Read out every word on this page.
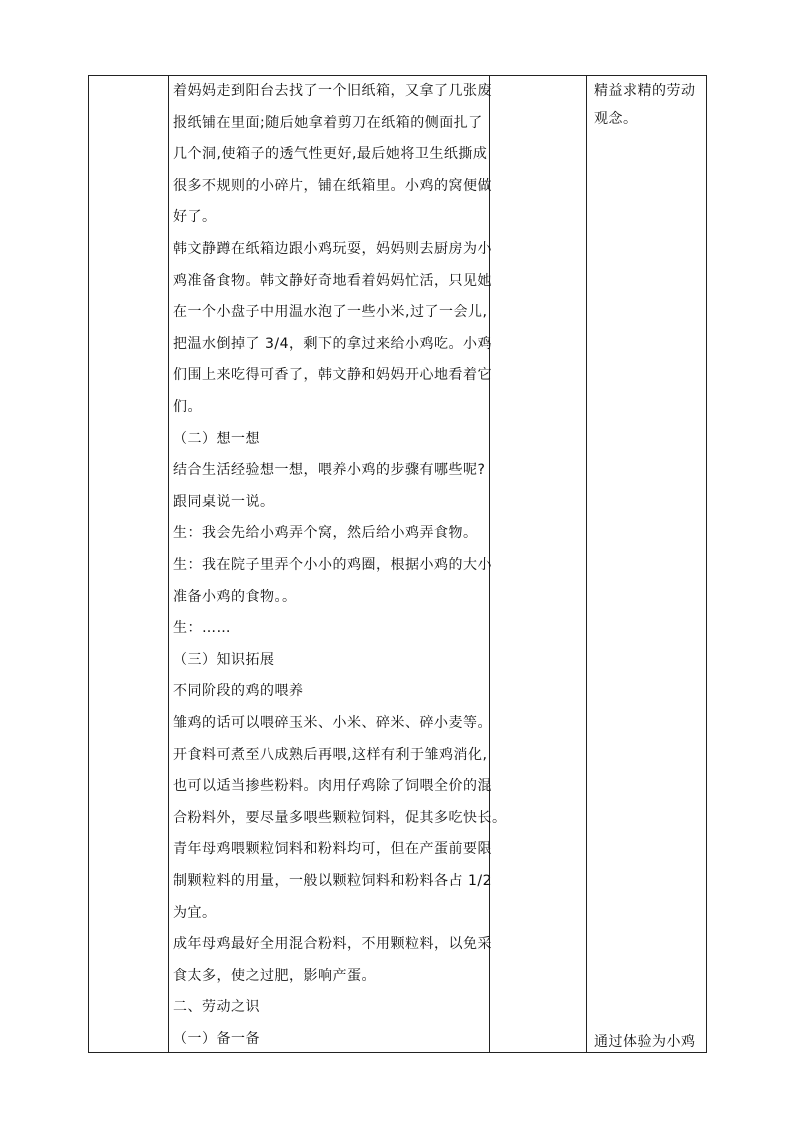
着妈妈走到阳台去找了一个旧纸箱，又拿了几张废
报纸铺在里面;随后她拿着剪刀在纸箱的侧面扎了
几个洞,使箱子的透气性更好,最后她将卫生纸撕成
很多不规则的小碎片，铺在纸箱里。小鸡的窝便做
好了。
韩文静蹲在纸箱边跟小鸡玩耍，妈妈则去厨房为小
鸡准备食物。韩文静好奇地看着妈妈忙活，只见她
在一个小盘子中用温水泡了一些小米,过了一会儿,
把温水倒掉了 3/4，剩下的拿过来给小鸡吃。小鸡
们围上来吃得可香了，韩文静和妈妈开心地看着它
们。
（二）想一想
结合生活经验想一想，喂养小鸡的步骤有哪些呢?
跟同桌说一说。
生：我会先给小鸡弄个窝，然后给小鸡弄食物。
生：我在院子里弄个小小的鸡圈，根据小鸡的大小
准备小鸡的食物。。
生：……
（三）知识拓展
不同阶段的鸡的喂养
雏鸡的话可以喂碎玉米、小米、碎米、碎小麦等。
开食料可煮至八成熟后再喂,这样有利于雏鸡消化,
也可以适当掺些粉料。肉用仔鸡除了饲喂全价的混
合粉料外，要尽量多喂些颗粒饲料，促其多吃快长。
青年母鸡喂颗粒饲料和粉料均可，但在产蛋前要限
制颗粒料的用量，一般以颗粒饲料和粉料各占 1/2
为宜。
成年母鸡最好全用混合粉料，不用颗粒料，以免采
食太多，使之过肥，影响产蛋。
二、劳动之识
（一）备一备
精益求精的劳动
观念。
通过体验为小鸡
